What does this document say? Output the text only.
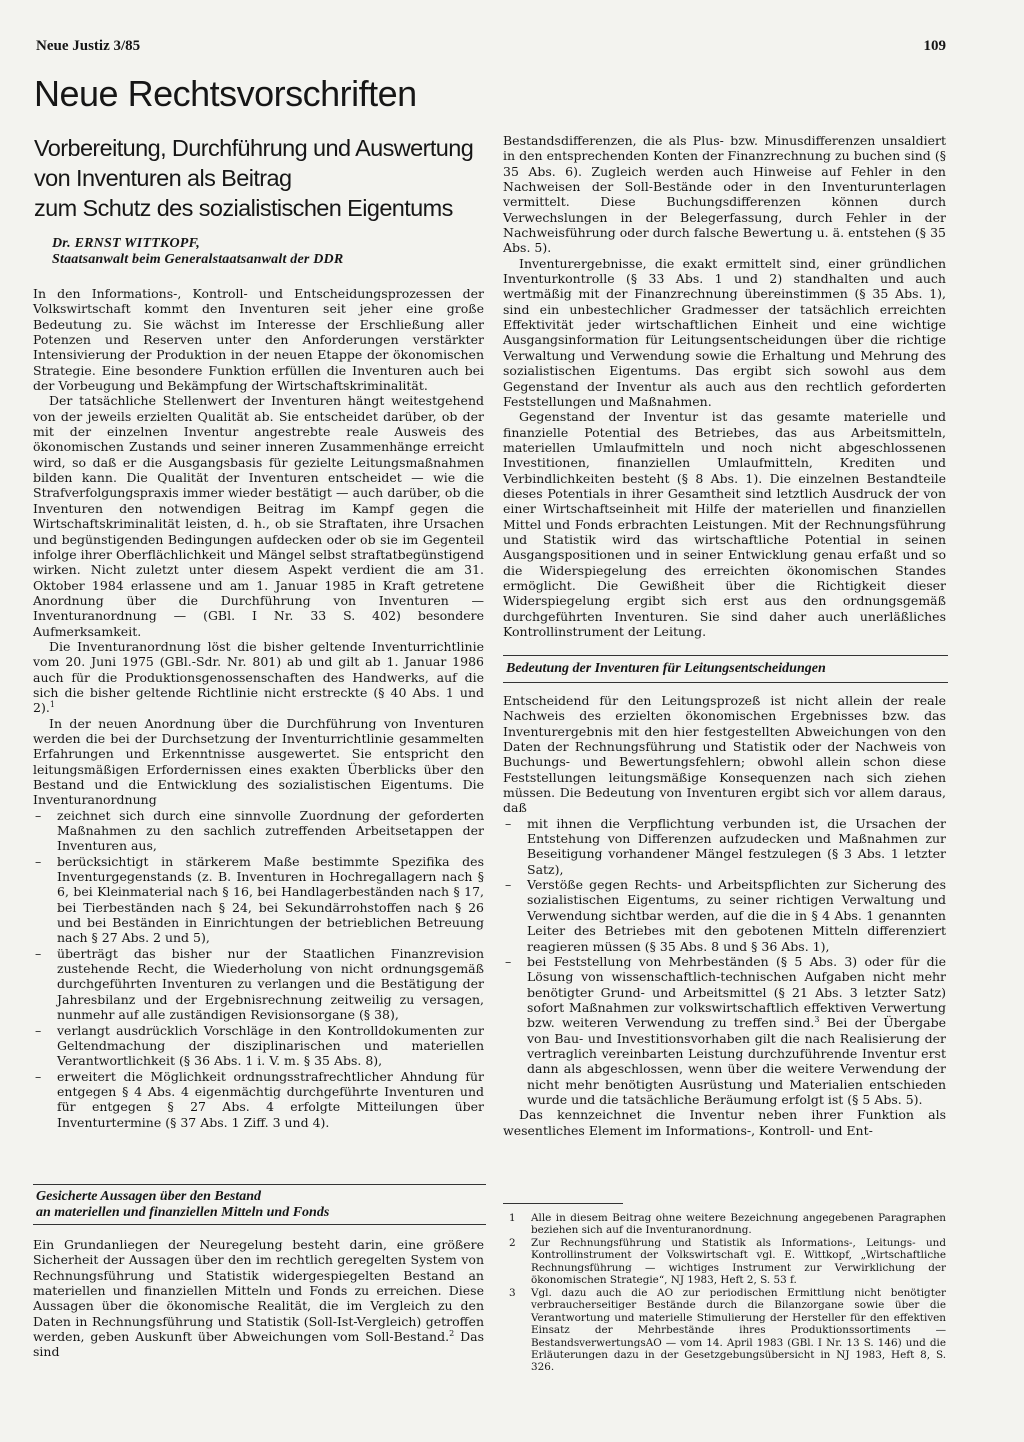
Neue Justiz 3/85	109
Neue Rechtsvorschriften
Vorbereitung, Durchführung und Auswertung
von Inventuren als Beitrag
zum Schutz des sozialistischen Eigentums
Dr. ERNST WITTKOPF,
Staatsanwalt beim Generalstaatsanwalt der DDR

In den Informations-, Kontroll- und Entscheidungsprozessen der Volkswirtschaft kommt den Inventuren seit jeher eine große Bedeutung zu. Sie wächst im Interesse der Erschließung aller Potenzen und Reserven unter den Anforderungen verstärkter Intensivierung der Produktion in der neuen Etappe der ökonomischen Strategie. Eine besondere Funktion erfüllen die Inventuren auch bei der Vorbeugung und Bekämpfung der Wirtschaftskriminalität.

Der tatsächliche Stellenwert der Inventuren hängt weitestgehend von der jeweils erzielten Qualität ab. Sie entscheidet darüber, ob der mit der einzelnen Inventur angestrebte reale Ausweis des ökonomischen Zustands und seiner inneren Zusammenhänge erreicht wird, so daß er die Ausgangsbasis für gezielte Leitungsmaßnahmen bilden kann. Die Qualität der Inventuren entscheidet — wie die Strafverfolgungspraxis immer wieder bestätigt — auch darüber, ob die Inventuren den notwendigen Beitrag im Kampf gegen die Wirtschaftskriminalität leisten, d. h., ob sie Straftaten, ihre Ursachen und begünstigenden Bedingungen aufdecken oder ob sie im Gegenteil infolge ihrer Oberflächlichkeit und Mängel selbst straftatbegünstigend wirken. Nicht zuletzt unter diesem Aspekt verdient die am 31. Oktober 1984 erlassene und am 1. Januar 1985 in Kraft getretene Anordnung über die Durchführung von Inventuren — Inventuranordnung — (GBl. I Nr. 33 S. 402) besondere Aufmerksamkeit.

Die Inventuranordnung löst die bisher geltende Inventurrichtlinie vom 20. Juni 1975 (GBl.-Sdr. Nr. 801) ab und gilt ab 1. Januar 1986 auch für die Produktionsgenossenschaften des Handwerks, auf die sich die bisher geltende Richtlinie nicht erstreckte (§ 40 Abs. 1 und 2).$^1$

In der neuen Anordnung über die Durchführung von Inventuren werden die bei der Durchsetzung der Inventurrichtlinie gesammelten Erfahrungen und Erkenntnisse ausgewertet. Sie entspricht den leitungsmäßigen Erfordernissen eines exakten Überblicks über den Bestand und die Entwicklung des sozialistischen Eigentums. Die Inventuranordnung

– zeichnet sich durch eine sinnvolle Zuordnung der geforderten Maßnahmen zu den sachlich zutreffenden Arbeitsetappen der Inventuren aus,
– berücksichtigt in stärkerem Maße bestimmte Spezifika des Inventurgegenstands (z. B. Inventuren in Hochregallagern nach § 6, bei Kleinmaterial nach § 16, bei Handlagerbeständen nach § 17, bei Tierbeständen nach § 24, bei Sekundärrohstoffen nach § 26 und bei Beständen in Einrichtungen der betrieblichen Betreuung nach § 27 Abs. 2 und 5),
– überträgt das bisher nur der Staatlichen Finanzrevision zustehende Recht, die Wiederholung von nicht ordnungsgemäß durchgeführten Inventuren zu verlangen und die Bestätigung der Jahresbilanz und der Ergebnisrechnung zeitweilig zu versagen, nunmehr auf alle zuständigen Revisionsorgane (§ 38),
– verlangt ausdrücklich Vorschläge in den Kontrolldokumenten zur Geltendmachung der disziplinarischen und materiellen Verantwortlichkeit (§ 36 Abs. 1 i. V. m. § 35 Abs. 8),
– erweitert die Möglichkeit ordnungsstrafrechtlicher Ahndung für entgegen § 4 Abs. 4 eigenmächtig durchgeführte Inventuren und für entgegen § 27 Abs. 4 erfolgte Mitteilungen über Inventurtermine (§ 37 Abs. 1 Ziff. 3 und 4).
Gesicherte Aussagen über den Bestand
an materiellen und finanziellen Mitteln und Fonds

Ein Grundanliegen der Neuregelung besteht darin, eine größere Sicherheit der Aussagen über den im rechtlich geregelten System von Rechnungsführung und Statistik widergespiegelten Bestand an materiellen und finanziellen Mitteln und Fonds zu erreichen. Diese Aussagen über die ökonomische Realität, die im Vergleich zu den Daten in Rechnungsführung und Statistik (Soll-Ist-Vergleich) getroffen werden, geben Auskunft über Abweichungen vom Soll-Bestand.$^2$ Das sind

Bestandsdifferenzen, die als Plus- bzw. Minusdifferenzen unsaldiert in den entsprechenden Konten der Finanzrechnung zu buchen sind (§ 35 Abs. 6). Zugleich werden auch Hinweise auf Fehler in den Nachweisen der Soll-Bestände oder in den Inventurunterlagen vermittelt. Diese Buchungsdifferenzen können durch Verwechslungen in der Belegerfassung, durch Fehler in der Nachweisführung oder durch falsche Bewertung u. ä. entstehen (§ 35 Abs. 5).

Inventurergebnisse, die exakt ermittelt sind, einer gründlichen Inventurkontrolle (§ 33 Abs. 1 und 2) standhalten und auch wertmäßig mit der Finanzrechnung übereinstimmen (§ 35 Abs. 1), sind ein unbestechlicher Gradmesser der tatsächlich erreichten Effektivität jeder wirtschaftlichen Einheit und eine wichtige Ausgangsinformation für Leitungsentscheidungen über die richtige Verwaltung und Verwendung sowie die Erhaltung und Mehrung des sozialistischen Eigentums. Das ergibt sich sowohl aus dem Gegenstand der Inventur als auch aus den rechtlich geforderten Feststellungen und Maßnahmen.

Gegenstand der Inventur ist das gesamte materielle und finanzielle Potential des Betriebes, das aus Arbeitsmitteln, materiellen Umlaufmitteln und noch nicht abgeschlossenen Investitionen, finanziellen Umlaufmitteln, Krediten und Verbindlichkeiten besteht (§ 8 Abs. 1). Die einzelnen Bestandteile dieses Potentials in ihrer Gesamtheit sind letztlich Ausdruck der von einer Wirtschaftseinheit mit Hilfe der materiellen und finanziellen Mittel und Fonds erbrachten Leistungen. Mit der Rechnungsführung und Statistik wird das wirtschaftliche Potential in seinen Ausgangspositionen und in seiner Entwicklung genau erfaßt und so die Widerspiegelung des erreichten ökonomischen Standes ermöglicht. Die Gewißheit über die Richtigkeit dieser Widerspiegelung ergibt sich erst aus den ordnungsgemäß durchgeführten Inventuren. Sie sind daher auch unerläßliches Kontrollinstrument der Leitung.

Bedeutung der Inventuren für Leitungsentscheidungen

Entscheidend für den Leitungsprozeß ist nicht allein der reale Nachweis des erzielten ökonomischen Ergebnisses bzw. das Inventurergebnis mit den hier festgestellten Abweichungen von den Daten der Rechnungsführung und Statistik oder der Nachweis von Buchungs- und Bewertungsfehlern; obwohl allein schon diese Feststellungen leitungsmäßige Konsequenzen nach sich ziehen müssen. Die Bedeutung von Inventuren ergibt sich vor allem daraus, daß

– mit ihnen die Verpflichtung verbunden ist, die Ursachen der Entstehung von Differenzen aufzudecken und Maßnahmen zur Beseitigung vorhandener Mängel festzulegen (§ 3 Abs. 1 letzter Satz),
– Verstöße gegen Rechts- und Arbeitspflichten zur Sicherung des sozialistischen Eigentums, zu seiner richtigen Verwaltung und Verwendung sichtbar werden, auf die die in § 4 Abs. 1 genannten Leiter des Betriebes mit den gebotenen Mitteln differenziert reagieren müssen (§ 35 Abs. 8 und § 36 Abs. 1),
– bei Feststellung von Mehrbeständen (§ 5 Abs. 3) oder für die Lösung von wissenschaftlich-technischen Aufgaben nicht mehr benötigter Grund- und Arbeitsmittel (§ 21 Abs. 3 letzter Satz) sofort Maßnahmen zur volkswirtschaftlich effektiven Verwertung bzw. weiteren Verwendung zu treffen sind.$^3$ Bei der Übergabe von Bau- und Investitionsvorhaben gilt die nach Realisierung der vertraglich vereinbarten Leistung durchzuführende Inventur erst dann als abgeschlossen, wenn über die weitere Verwendung der nicht mehr benötigten Ausrüstung und Materialien entschieden wurde und die tatsächliche Beräumung erfolgt ist (§ 5 Abs. 5).

Das kennzeichnet die Inventur neben ihrer Funktion als wesentliches Element im Informations-, Kontroll- und Ent-

1 Alle in diesem Beitrag ohne weitere Bezeichnung angegebenen Paragraphen beziehen sich auf die Inventuranordnung.
2 Zur Rechnungsführung und Statistik als Informations-, Leitungs- und Kontrollinstrument der Volkswirtschaft vgl. E. Wittkopf, „Wirtschaftliche Rechnungsführung — wichtiges Instrument zur Verwirklichung der ökonomischen Strategie“, NJ 1983, Heft 2, S. 53 f.
3 Vgl. dazu auch die AO zur periodischen Ermittlung nicht benötigter verbraucherseitiger Bestände durch die Bilanzorgane sowie über die Verantwortung und materielle Stimulierung der Hersteller für den effektiven Einsatz der Mehrbestände ihres Produktionssortiments — BestandsverwertungsAO — vom 14. April 1983 (GBl. I Nr. 13 S. 146) und die Erläuterungen dazu in der Gesetzgebungsübersicht in NJ 1983, Heft 8, S. 326.
